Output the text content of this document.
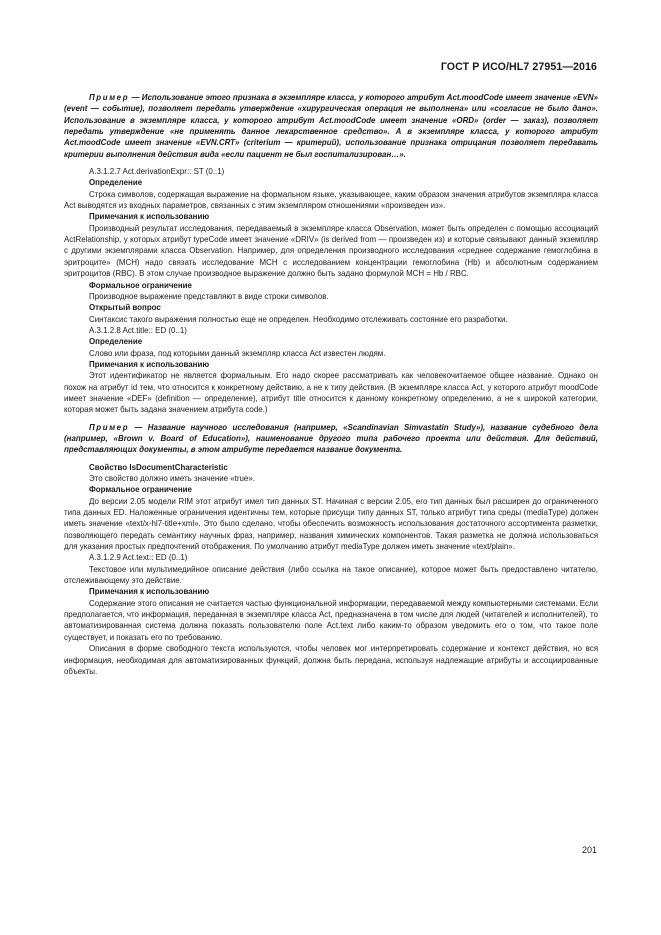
ГОСТ Р ИСО/HL7 27951—2016

Пример — Использование этого признака в экземпляре класса, у которого атрибут Act.moodCode имеет значение «EVN» (event — событие), позволяет передать утверждение «хирургическая операция не выполнена» или «согласие не было дано». Использование в экземпляре класса, у которого атрибут Act.moodCode имеет значение «ORD» (order — заказ), позволяет передать утверждение «не применять данное лекарственное средство». А в экземпляре класса, у которого атрибут Act.moodCode имеет значение «EVN.CRT» (criterium — критерий), использование признака отрицания позволяет передавать критерии выполнения действия вида «если пациент не был госпитализирован…».

A.3.1.2.7 Act.derivationExpr:: ST (0..1)

Определение

Строка символов, содержащая выражение на формальном языке, указывающее, каким образом значения атрибутов экземпляра класса Act выводятся из входных параметров, связанных с этим экземпляром отношениями «произведен из».

Примечания к использованию

Производный результат исследования, передаваемый в экземпляре класса Observation, может быть определен с помощью ассоциаций ActRelationship, у которых атрибут typeCode имеет значение «DRIV» (is derived from — произведен из) и которые связывают данный экземпляр с другими экземплярами класса Observation. Например, для определения производного исследования «среднее содержание гемоглобина в эритроците» (МСН) надо связать исследование МСН с исследованием концентрации гемоглобина (Hb) и абсолютным содержанием эритроцитов (RBC). В этом случае производное выражение должно быть задано формулой МСН = Hb / RBC.

Формальное ограничение

Производное выражение представляют в виде строки символов.

Открытый вопрос

Синтаксис такого выражения полностью еще не определен. Необходимо отслеживать состояние его разработки.

A.3.1.2.8 Act.title:: ED (0..1)

Определение

Слово или фраза, под которыми данный экземпляр класса Act известен людям.

Примечания к использованию

Этот идентификатор не является формальным. Его надо скорее рассматривать как человекочитаемое общее название. Однако он похож на атрибут id тем, что относится к конкретному действию, а не к типу действия. (В экземпляре класса Act, у которого атрибут moodCode имеет значение «DEF» (definition — определение), атрибут title относится к данному конкретному определению, а не к широкой категории, которая может быть задана значением атрибута code.)

Пример — Название научного исследования (например, «Scandinavian Simvastatin Study»), название судебного дела (например, «Brown v. Board of Education»), наименование другого типа рабочего проекта или действия. Для действий, представляющих документы, в этом атрибуте передается название документа.

Свойство IsDocumentCharacteristic

Это свойство должно иметь значение «true».

Формальное ограничение

До версии 2.05 модели RIM этот атрибут имел тип данных ST. Начиная с версии 2.05, его тип данных был расширен до ограниченного типа данных ED. Наложенные ограничения идентичны тем, которые присущи типу данных ST, только атрибут типа среды (mediaType) должен иметь значение «text/x-hl7-title+xml». Это было сделано, чтобы обеспечить возможность использования достаточного ассортимента разметки, позволяющего передать семантику научных фраз, например, названия химических компонентов. Такая разметка не должна использоваться для указания простых предпочтений отображения. По умолчанию атрибут mediaType должен иметь значение «text/plain».

A.3.1.2.9 Act.text:: ED (0..1)

Текстовое или мультимедийное описание действия (либо ссылка на такое описание), которое может быть предоставлено читателю, отслеживающему это действие.

Примечания к использованию

Содержание этого описания не считается частью функциональной информации, передаваемой между компьютерными системами. Если предполагается, что информация, переданная в экземпляре класса Act, предназначена в том числе для людей (читателей и исполнителей), то автоматизированная система должна показать пользователю поле Act.text либо каким-то образом уведомить его о том, что такое поле существует, и показать его по требованию.

Описания в форме свободного текста используются, чтобы человек мог интерпретировать содержание и контекст действия, но вся информация, необходимая для автоматизированных функций, должна быть передана, используя надлежащие атрибуты и ассоциированные объекты.

201
